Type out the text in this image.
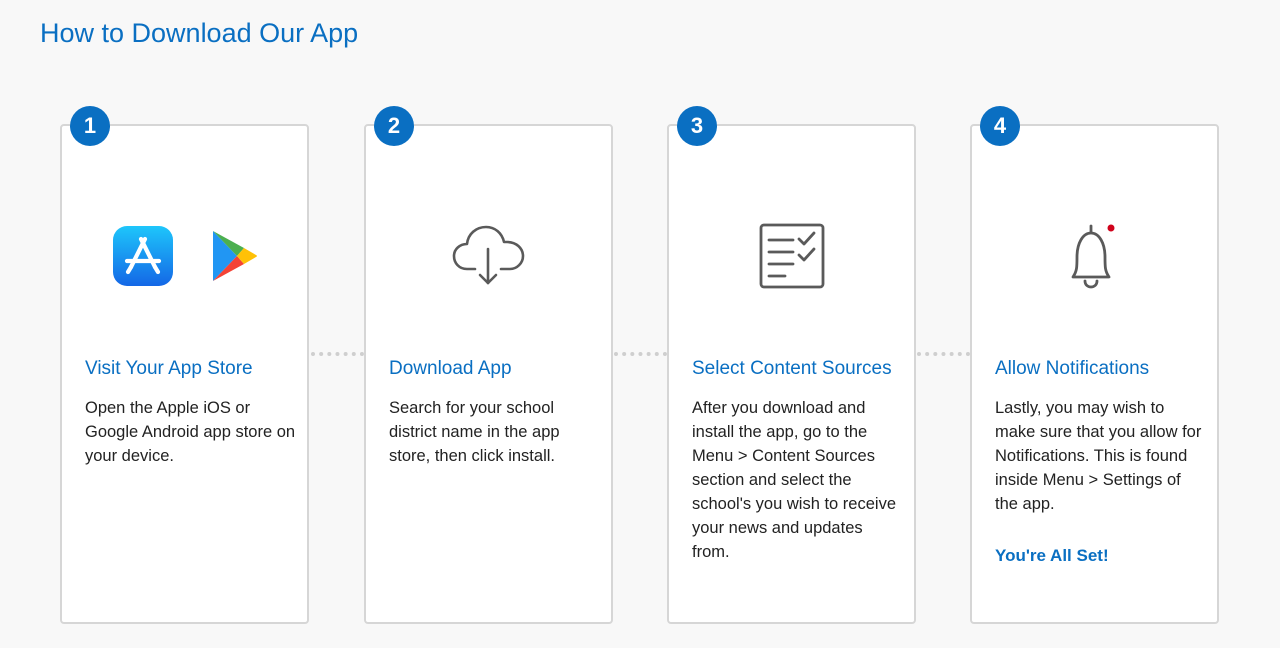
How to Download Our App
1
Visit Your App Store
Open the Apple iOS or Google Android app store on your device.
2
Download App
Search for your school district name in the app store, then click install.
3
Select Content Sources
After you download and install the app, go to the Menu > Content Sources section and select the school's you wish to receive your news and updates from.
4
Allow Notifications
Lastly, you may wish to make sure that you allow for Notifications. This is found inside Menu > Settings of the app.
You're All Set!
